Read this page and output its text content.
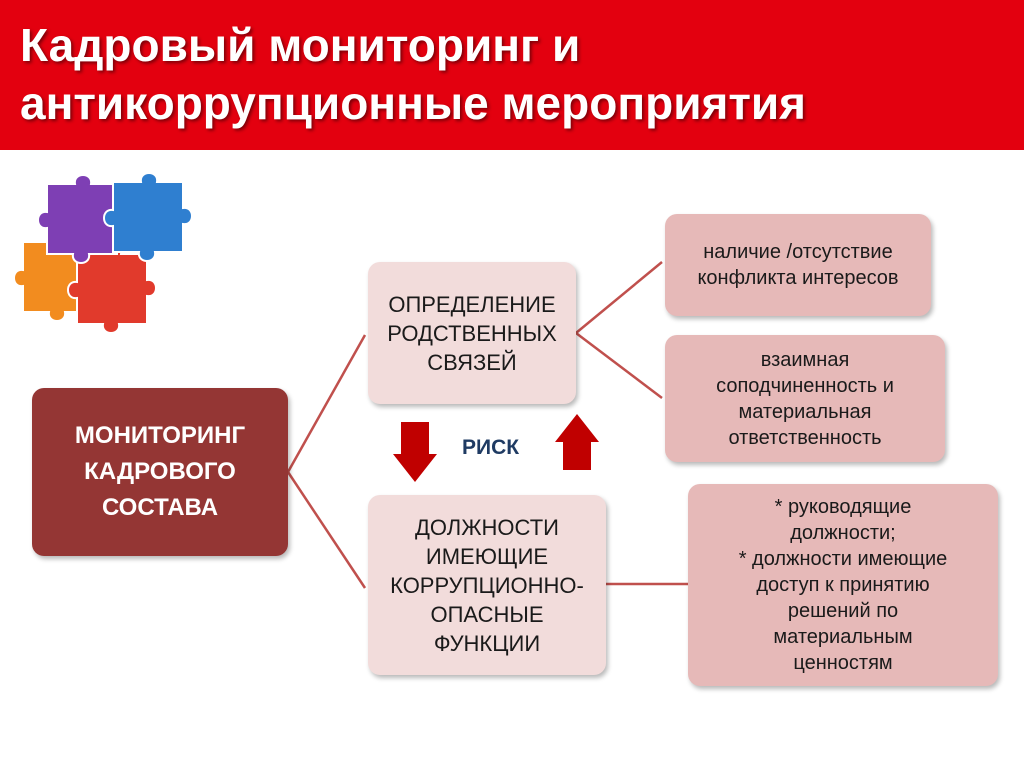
Кадровый мониторинг и
антикоррупционные мероприятия
МОНИТОРИНГ
КАДРОВОГО
СОСТАВА
ОПРЕДЕЛЕНИЕ
РОДСТВЕННЫХ
СВЯЗЕЙ
ДОЛЖНОСТИ
ИМЕЮЩИЕ
КОРРУПЦИОННО-
ОПАСНЫЕ
ФУНКЦИИ
РИСК
наличие /отсутствие
конфликта интересов
взаимная
соподчиненность и
материальная
ответственность
* руководящие
должности;
* должности имеющие
доступ к принятию
решений по
материальным
ценностям
